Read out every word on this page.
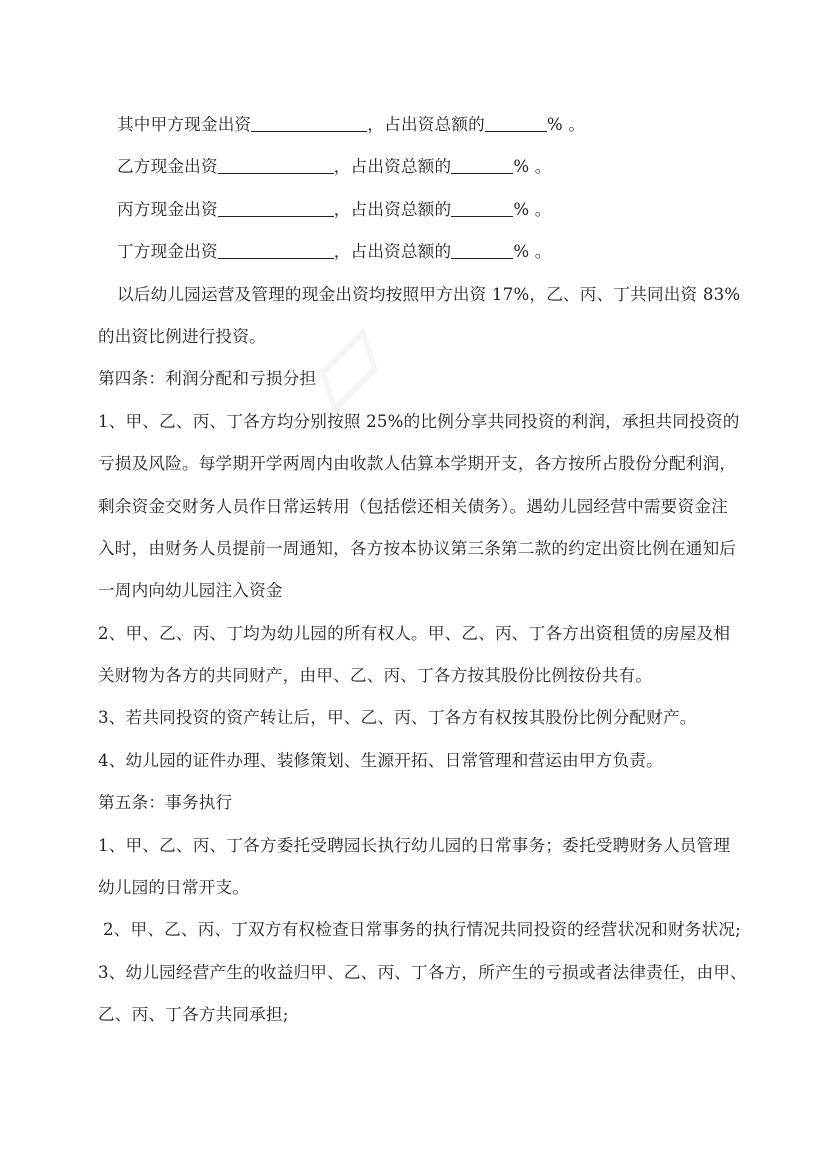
▱
其中甲方现金出资	，占出资总额的	% 。
乙方现金出资	，占出资总额的	% 。
丙方现金出资	，占出资总额的	% 。
丁方现金出资	，占出资总额的	% 。
以后幼儿园运营及管理的现金出资均按照甲方出资 17%，乙、丙、丁共同出资 83%
的出资比例进行投资。
第四条：利润分配和亏损分担
1、甲、乙、丙、丁各方均分别按照 25%的比例分享共同投资的利润，承担共同投资的
亏损及风险。每学期开学两周内由收款人估算本学期开支，各方按所占股份分配利润，
剩余资金交财务人员作日常运转用（包括偿还相关债务）。遇幼儿园经营中需要资金注
入时，由财务人员提前一周通知，各方按本协议第三条第二款的约定出资比例在通知后
一周内向幼儿园注入资金
2、甲、乙、丙、丁均为幼儿园的所有权人。甲、乙、丙、丁各方出资租赁的房屋及相
关财物为各方的共同财产，由甲、乙、丙、丁各方按其股份比例按份共有。
3、若共同投资的资产转让后，甲、乙、丙、丁各方有权按其股份比例分配财产。
4、幼儿园的证件办理、装修策划、生源开拓、日常管理和营运由甲方负责。
第五条：事务执行
1、甲、乙、丙、丁各方委托受聘园长执行幼儿园的日常事务；委托受聘财务人员管理
幼儿园的日常开支。
2、甲、乙、丙、丁双方有权检查日常事务的执行情况共同投资的经营状况和财务状况;
3、幼儿园经营产生的收益归甲、乙、丙、丁各方，所产生的亏损或者法律责任，由甲、
乙、丙、丁各方共同承担;
